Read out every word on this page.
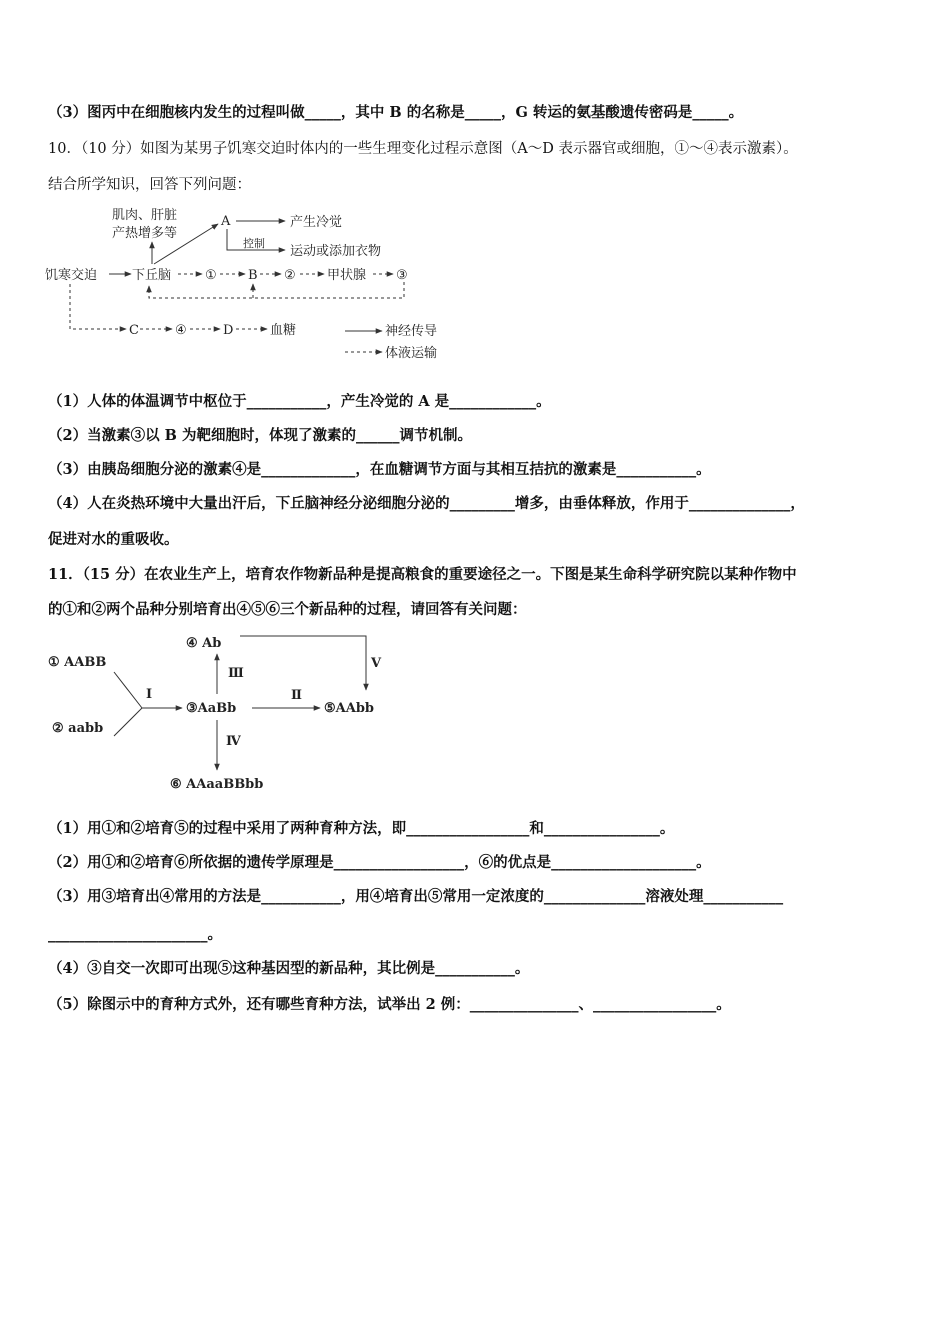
（3）图丙中在细胞核内发生的过程叫做_____，其中 B 的名称是_____，G 转运的氨基酸遗传密码是_____。
10．（10 分）如图为某男子饥寒交迫时体内的一些生理变化过程示意图（A～D 表示器官或细胞，①～④表示激素）。
结合所学知识，回答下列问题：
肌肉、肝脏
产热增多等
A	产生冷觉
控制
运动或添加衣物
饥寒交迫	下丘脑	① B ② 甲状腺 ③
C	④	D	血糖	神经传导
体液运输
（1）人体的体温调节中枢位于___________，产生冷觉的 A 是____________。
（2）当激素③以 B 为靶细胞时，体现了激素的______调节机制。
（3）由胰岛细胞分泌的激素④是_____________，在血糖调节方面与其相互拮抗的激素是___________。
（4）人在炎热环境中大量出汗后，下丘脑神经分泌细胞分泌的_________增多，由垂体释放，作用于______________，
促进对水的重吸收。
11．（15 分）在农业生产上，培育农作物新品种是提高粮食的重要途径之一。下图是某生命科学研究院以某种作物中
的①和②两个品种分别培育出④⑤⑥三个新品种的过程，请回答有关问题：
① AABB
② aabb
③AaBb
④ Ab
⑤AAbb
⑥ AAaaBBbb
Ⅰ	Ⅱ
Ⅲ
Ⅳ
Ⅴ
（1）用①和②培育⑤的过程中采用了两种育种方法，即_________________和________________。
（2）用①和②培育⑥所依据的遗传学原理是__________________，⑥的优点是____________________。
（3）用③培育出④常用的方法是___________，用④培育出⑤常用一定浓度的______________溶液处理___________
______________________。
（4）③自交一次即可出现⑤这种基因型的新品种，其比例是___________。
（5）除图示中的育种方式外，还有哪些育种方法，试举出 2 例：_______________、_________________。
